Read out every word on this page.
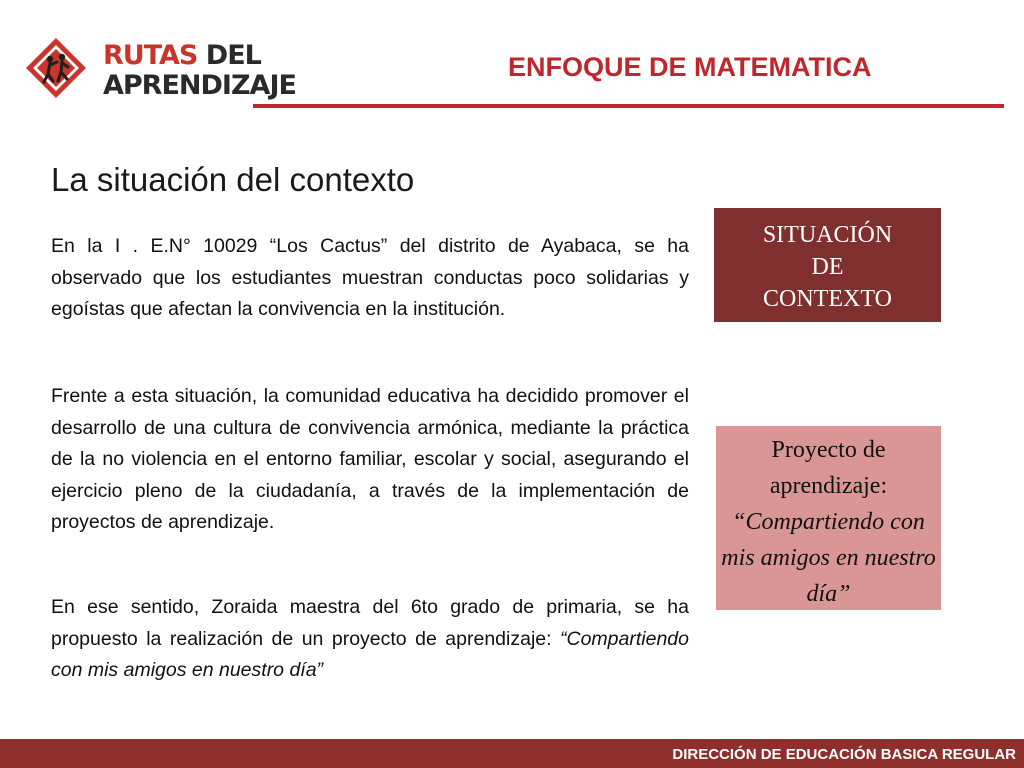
RUTAS DEL
APRENDIZAJE
ENFOQUE DE MATEMATICA
La situación del contexto
En la I . E.N° 10029 “Los Cactus” del distrito de Ayabaca, se ha observado que los estudiantes muestran conductas poco solidarias y egoístas que afectan la convivencia en la institución.
Frente a esta situación, la comunidad educativa ha decidido promover el desarrollo de una cultura de convivencia armónica, mediante la práctica de la no violencia en el entorno familiar, escolar y social, asegurando el ejercicio pleno de la ciudadanía, a través de la implementación de proyectos de aprendizaje.
En ese sentido, Zoraida maestra del 6to grado de primaria, se ha propuesto la realización de un proyecto de aprendizaje: “Compartiendo con mis amigos en nuestro día”
SITUACIÓN
DE
CONTEXTO
Proyecto de
aprendizaje:
“Compartiendo con mis amigos en nuestro día”
DIRECCIÓN DE EDUCACIÓN BASICA REGULAR
